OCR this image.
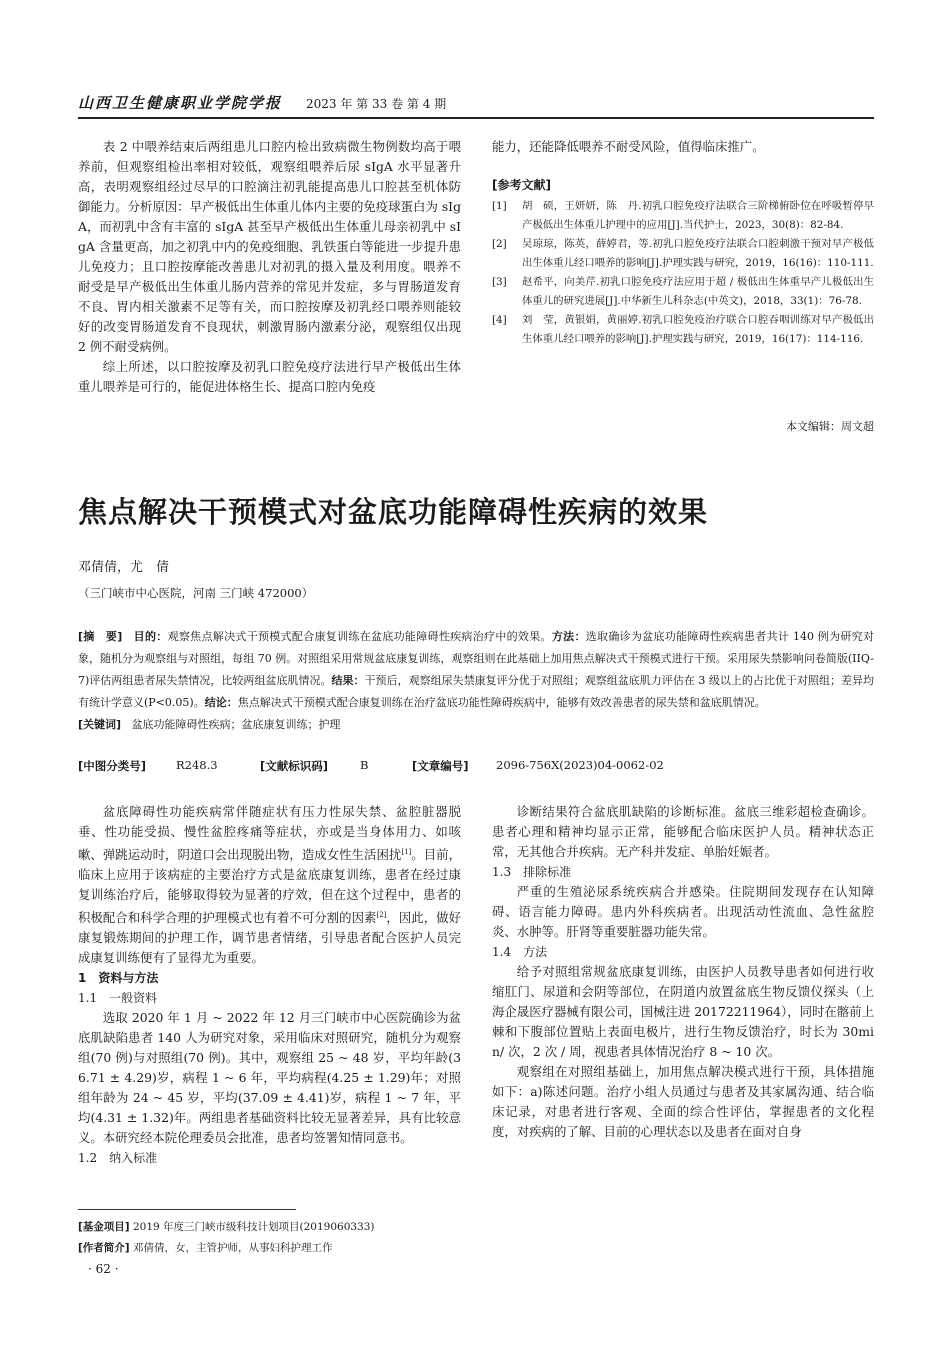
山西卫生健康职业学院学报 2023 年 第 33 卷 第 4 期

表 2 中喂养结束后两组患儿口腔内检出致病微生物例数均高于喂养前，但观察组检出率相对较低，观察组喂养后尿 sIgA 水平显著升高，表明观察组经过尽早的口腔滴注初乳能提高患儿口腔甚至机体防御能力。分析原因：早产极低出生体重儿体内主要的免疫球蛋白为 sIgA，而初乳中含有丰富的 sIgA 甚至早产极低出生体重儿母亲初乳中 sIgA 含量更高，加之初乳中内的免疫细胞、乳铁蛋白等能进一步提升患儿免疫力；且口腔按摩能改善患儿对初乳的摄入量及利用度。喂养不耐受是早产极低出生体重儿肠内营养的常见并发症，多与胃肠道发育不良、胃内相关激素不足等有关，而口腔按摩及初乳经口喂养则能较好的改变胃肠道发育不良现状，刺激胃肠内激素分泌，观察组仅出现 2 例不耐受病例。

综上所述，以口腔按摩及初乳口腔免疫疗法进行早产极低出生体重儿喂养是可行的，能促进体格生长、提高口腔内免疫

能力，还能降低喂养不耐受风险，值得临床推广。

[参考文献]
[1]	胡　硕，王妍妍，陈　丹.初乳口腔免疫疗法联合三阶梯俯卧位在呼吸暂停早产极低出生体重儿护理中的应用[J].当代护士，2023，30(8)：82-84.
[2]	吴琼琼，陈英，薛婷君，等.初乳口腔免疫疗法联合口腔刺激干预对早产极低出生体重儿经口喂养的影响[J].护理实践与研究，2019，16(16)：110-111.
[3]	赵希平，向美芹.初乳口腔免疫疗法应用于超 / 极低出生体重早产儿极低出生体重儿的研究进展[J].中华新生儿科杂志(中英文)，2018，33(1)：76-78.
[4]	刘　莹，黄银娟，黄丽婷.初乳口腔免疫治疗联合口腔吞咽训练对早产极低出生体重儿经口喂养的影响[J].护理实践与研究，2019，16(17)：114-116.
本文编辑：周文超
焦点解决干预模式对盆底功能障碍性疾病的效果
邓倩倩，尤　倩
（三门峡市中心医院，河南 三门峡 472000）
[摘　要] 目的：观察焦点解决式干预模式配合康复训练在盆底功能障碍性疾病治疗中的效果。方法：选取确诊为盆底功能障碍性疾病患者共计 140 例为研究对象，随机分为观察组与对照组，每组 70 例。对照组采用常规盆底康复训练，观察组则在此基础上加用焦点解决式干预模式进行干预。采用尿失禁影响问卷简版(IIQ-7)评估两组患者尿失禁情况，比较两组盆底肌情况。结果：干预后，观察组尿失禁康复评分优于对照组；观察组盆底肌力评估在 3 级以上的占比优于对照组；差异均有统计学意义(P<0.05)。结论：焦点解决式干预模式配合康复训练在治疗盆底功能性障碍疾病中，能够有效改善患者的尿失禁和盆底肌情况。
[关键词] 盆底功能障碍性疾病；盆底康复训练；护理
[中图分类号]	R248.3	[文献标识码]	B	[文章编号] 2096-756X(2023)04-0062-02

盆底障碍性功能疾病常伴随症状有压力性尿失禁、盆腔脏器脱垂、性功能受损、慢性盆腔疼痛等症状，亦或是当身体用力、如咳嗽、弹跳运动时，阴道口会出现脱出物，造成女性生活困扰[1]。目前，临床上应用于该病症的主要治疗方式是盆底康复训练，患者在经过康复训练治疗后，能够取得较为显著的疗效，但在这个过程中，患者的积极配合和科学合理的护理模式也有着不可分割的因素[2]，因此，做好康复锻炼期间的护理工作，调节患者情绪，引导患者配合医护人员完成康复训练便有了显得尤为重要。

1　资料与方法
1.1　一般资料

选取 2020 年 1 月 ~ 2022 年 12 月三门峡市中心医院确诊为盆底肌缺陷患者 140 人为研究对象，采用临床对照研究，随机分为观察组(70 例)与对照组(70 例)。其中，观察组 25 ~ 48 岁，平均年龄(36.71 ± 4.29)岁，病程 1 ~ 6 年，平均病程(4.25 ± 1.29)年；对照组年龄为 24 ~ 45 岁，平均(37.09 ± 4.41)岁，病程 1 ~ 7 年，平均(4.31 ± 1.32)年。两组患者基础资料比较无显著差异，具有比较意义。本研究经本院伦理委员会批准，患者均签署知情同意书。

1.2　纳入标准

诊断结果符合盆底肌缺陷的诊断标准。盆底三维彩超检查确诊。患者心理和精神均显示正常，能够配合临床医护人员。精神状态正常，无其他合并疾病。无产科并发症、单胎妊娠者。

1.3　排除标准

严重的生殖泌尿系统疾病合并感染。住院期间发现存在认知障碍、语言能力障碍。患内外科疾病者。出现活动性流血、急性盆腔炎、水肿等。肝肾等重要脏器功能失常。

1.4　方法

给予对照组常规盆底康复训练，由医护人员教导患者如何进行收缩肛门、尿道和会阴等部位，在阴道内放置盆底生物反馈仪探头（上海企晟医疗器械有限公司，国械注进 20172211964），同时在髂前上棘和下腹部位置贴上表面电极片，进行生物反馈治疗，时长为 30min/ 次，2 次 / 周，视患者具体情况治疗 8 ~ 10 次。

观察组在对照组基础上，加用焦点解决模式进行干预，具体措施如下：a)陈述问题。治疗小组人员通过与患者及其家属沟通、结合临床记录，对患者进行客观、全面的综合性评估，掌握患者的文化程度，对疾病的了解、目前的心理状态以及患者在面对自身

[基金项目] 2019 年度三门峡市级科技计划项目(2019060333)
[作者简介] 邓倩倩，女，主管护师，从事妇科护理工作
· 62 ·
